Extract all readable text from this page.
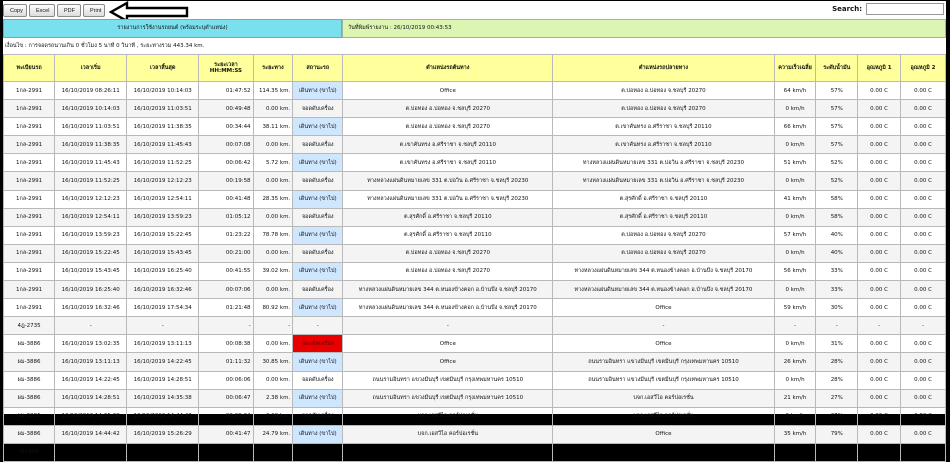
Copy	Excel	PDF	Print	Search:
รายงานการใช้งานรถยนต์ (พร้อมระบุตำแหน่ง)	วันที่พิมพ์รายงาน : 26/10/2019 00:43:53
เงื่อนไข : การจอดรถนานเกิน 0 ชั่วโมง 5 นาที 0 วินาที , ระยะทางรวม 443.34 km.
ทะเบียนรถ	เวลาเริ่ม	เวลาสิ้นสุด	ระยะเวลา HH:MM:SS	ระยะทาง	สถานะรถ	ตำแหน่งรถต้นทาง	ตำแหน่งรถปลายทาง	ความเร็วเฉลี่ย	ระดับน้ำมัน	อุณหภูมิ 1	อุณหภูมิ 2
1กล-2991	16/10/2019 08:26:11	16/10/2019 10:14:03	01:47:52	114.35 km.	เดินทาง (ขาไป)	Office	ต.บ่อทอง อ.บ่อทอง จ.ชลบุรี 20270	64 km/h	57%	0.00 C	0.00 C
1กล-2991	16/10/2019 10:14:03	16/10/2019 11:03:51	00:49:48	0.00 km.	จอดดับเครื่อง	ต.บ่อทอง อ.บ่อทอง จ.ชลบุรี 20270	ต.บ่อทอง อ.บ่อทอง จ.ชลบุรี 20270	0 km/h	57%	0.00 C	0.00 C
1กล-2991	16/10/2019 11:03:51	16/10/2019 11:38:35	00:34:44	38.11 km.	เดินทาง (ขาไป)	ต.บ่อทอง อ.บ่อทอง จ.ชลบุรี 20270	ต.เขาคันทรง อ.ศรีราชา จ.ชลบุรี 20110	66 km/h	57%	0.00 C	0.00 C
1กล-2991	16/10/2019 11:38:35	16/10/2019 11:45:43	00:07:08	0.00 km.	จอดดับเครื่อง	ต.เขาคันทรง อ.ศรีราชา จ.ชลบุรี 20110	ต.เขาคันทรง อ.ศรีราชา จ.ชลบุรี 20110	0 km/h	57%	0.00 C	0.00 C
1กล-2991	16/10/2019 11:45:43	16/10/2019 11:52:25	00:06:42	5.72 km.	เดินทาง (ขาไป)	ต.เขาคันทรง อ.ศรีราชา จ.ชลบุรี 20110	ทางหลวงแผ่นดินหมายเลข 331 ต.บ่อวิน อ.ศรีราชา จ.ชลบุรี 20230	51 km/h	52%	0.00 C	0.00 C
1กล-2991	16/10/2019 11:52:25	16/10/2019 12:12:23	00:19:58	0.00 km.	จอดดับเครื่อง	ทางหลวงแผ่นดินหมายเลข 331 ต.บ่อวิน อ.ศรีราชา จ.ชลบุรี 20230	ทางหลวงแผ่นดินหมายเลข 331 ต.บ่อวิน อ.ศรีราชา จ.ชลบุรี 20230	0 km/h	52%	0.00 C	0.00 C
1กล-2991	16/10/2019 12:12:23	16/10/2019 12:54:11	00:41:48	28.35 km.	เดินทาง (ขาไป)	ทางหลวงแผ่นดินหมายเลข 331 ต.บ่อวิน อ.ศรีราชา จ.ชลบุรี 20230	ต.สุรศักดิ์ อ.ศรีราชา จ.ชลบุรี 20110	41 km/h	58%	0.00 C	0.00 C
1กล-2991	16/10/2019 12:54:11	16/10/2019 13:59:23	01:05:12	0.00 km.	จอดดับเครื่อง	ต.สุรศักดิ์ อ.ศรีราชา จ.ชลบุรี 20110	ต.สุรศักดิ์ อ.ศรีราชา จ.ชลบุรี 20110	0 km/h	58%	0.00 C	0.00 C
1กล-2991	16/10/2019 13:59:23	16/10/2019 15:22:45	01:23:22	78.78 km.	เดินทาง (ขาไป)	ต.สุรศักดิ์ อ.ศรีราชา จ.ชลบุรี 20110	ต.บ่อทอง อ.บ่อทอง จ.ชลบุรี 20270	57 km/h	40%	0.00 C	0.00 C
1กล-2991	16/10/2019 15:22:45	16/10/2019 15:43:45	00:21:00	0.00 km.	จอดดับเครื่อง	ต.บ่อทอง อ.บ่อทอง จ.ชลบุรี 20270	ต.บ่อทอง อ.บ่อทอง จ.ชลบุรี 20270	0 km/h	40%	0.00 C	0.00 C
1กล-2991	16/10/2019 15:43:45	16/10/2019 16:25:40	00:41:55	39.02 km.	เดินทาง (ขาไป)	ต.บ่อทอง อ.บ่อทอง จ.ชลบุรี 20270	ทางหลวงแผ่นดินหมายเลข 344 ต.หนองข้างคอก อ.บ้านบึง จ.ชลบุรี 20170	56 km/h	33%	0.00 C	0.00 C
1กล-2991	16/10/2019 16:25:40	16/10/2019 16:32:46	00:07:06	0.00 km.	จอดดับเครื่อง	ทางหลวงแผ่นดินหมายเลข 344 ต.หนองข้างคอก อ.บ้านบึง จ.ชลบุรี 20170	ทางหลวงแผ่นดินหมายเลข 344 ต.หนองข้างคอก อ.บ้านบึง จ.ชลบุรี 20170	0 km/h	33%	0.00 C	0.00 C
1กล-2991	16/10/2019 16:32:46	16/10/2019 17:54:34	01:21:48	80.92 km.	เดินทาง (ขาไป)	ทางหลวงแผ่นดินหมายเลข 344 ต.หนองข้างคอก อ.บ้านบึง จ.ชลบุรี 20170	Office	59 km/h	30%	0.00 C	0.00 C
4ฎ-2735	-	-	-	-	-	-	-	-	-	-	-
ผม-3886	16/10/2019 13:02:35	16/10/2019 13:11:13	00:08:38	0.00 km.	จอดติดเครื่อง	Office	Office	0 km/h	31%	0.00 C	0.00 C
ผม-3886	16/10/2019 13:11:13	16/10/2019 14:22:45	01:11:32	30.85 km.	เดินทาง (ขาไป)	Office	ถนนรามอินทรา แขวงมีนบุรี เขตมีนบุรี กรุงเทพมหานคร 10510	26 km/h	28%	0.00 C	0.00 C
ผม-3886	16/10/2019 14:22:45	16/10/2019 14:28:51	00:06:06	0.00 km.	จอดดับเครื่อง	ถนนรามอินทรา แขวงมีนบุรี เขตมีนบุรี กรุงเทพมหานคร 10510	ถนนรามอินทรา แขวงมีนบุรี เขตมีนบุรี กรุงเทพมหานคร 10510	0 km/h	28%	0.00 C	0.00 C
ผม-3886	16/10/2019 14:28:51	16/10/2019 14:35:38	00:06:47	2.38 km.	เดินทาง (ขาไป)	ถนนรามอินทรา แขวงมีนบุรี เขตมีนบุรี กรุงเทพมหานคร 10510	บจก.เอสวีไอ คอร์ปอเรชั่น	21 km/h	27%	0.00 C	0.00 C
ผม-3886	16/10/2019 14:35:38	16/10/2019 14:44:42	00:09:04	0.00 km.	จอดดับเครื่อง	บจก.เอสวีไอ คอร์ปอเรชั่น	บจก.เอสวีไอ คอร์ปอเรชั่น	0 km/h	27%	0.00 C	0.00 C
ผม-3886	16/10/2019 14:44:42	16/10/2019 15:26:29	00:41:47	24.79 km.	เดินทาง (ขาไป)	บจก.เอสวีไอ คอร์ปอเรชั่น	Office	35 km/h	79%	0.00 C	0.00 C
ศก-409	-	-	-	-	-	-	-	-	-	-	-
